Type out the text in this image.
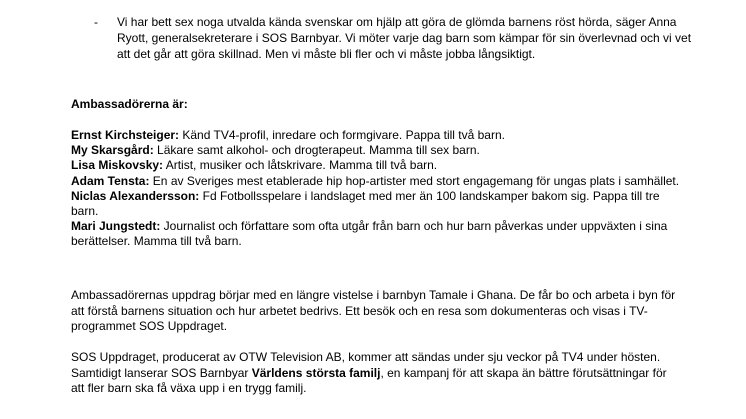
- Vi har bett sex noga utvalda kända svenskar om hjälp att göra de glömda barnens röst hörda, säger Anna Ryott, generalsekreterare i SOS Barnbyar. Vi möter varje dag barn som kämpar för sin överlevnad och vi vet att det går att göra skillnad. Men vi måste bli fler och vi måste jobba långsiktigt.
Ambassadörerna är:

Ernst Kirchsteiger: Känd TV4-profil, inredare och formgivare. Pappa till två barn.

My Skarsgård: Läkare samt alkohol- och drogterapeut. Mamma till sex barn.

Lisa Miskovsky: Artist, musiker och låtskrivare. Mamma till två barn.

Adam Tensta: En av Sveriges mest etablerade hip hop-artister med stort engagemang för ungas plats i samhället.

Niclas Alexandersson: Fd Fotbollsspelare i landslaget med mer än 100 landskamper bakom sig. Pappa till tre barn.

Mari Jungstedt: Journalist och författare som ofta utgår från barn och hur barn påverkas under uppväxten i sina berättelser. Mamma till två barn.

Ambassadörernas uppdrag börjar med en längre vistelse i barnbyn Tamale i Ghana. De får bo och arbeta i byn för att förstå barnens situation och hur arbetet bedrivs. Ett besök och en resa som dokumenteras och visas i TV-programmet SOS Uppdraget.

SOS Uppdraget, producerat av OTW Television AB, kommer att sändas under sju veckor på TV4 under hösten. Samtidigt lanserar SOS Barnbyar Världens största familj, en kampanj för att skapa än bättre förutsättningar för att fler barn ska få växa upp i en trygg familj.
